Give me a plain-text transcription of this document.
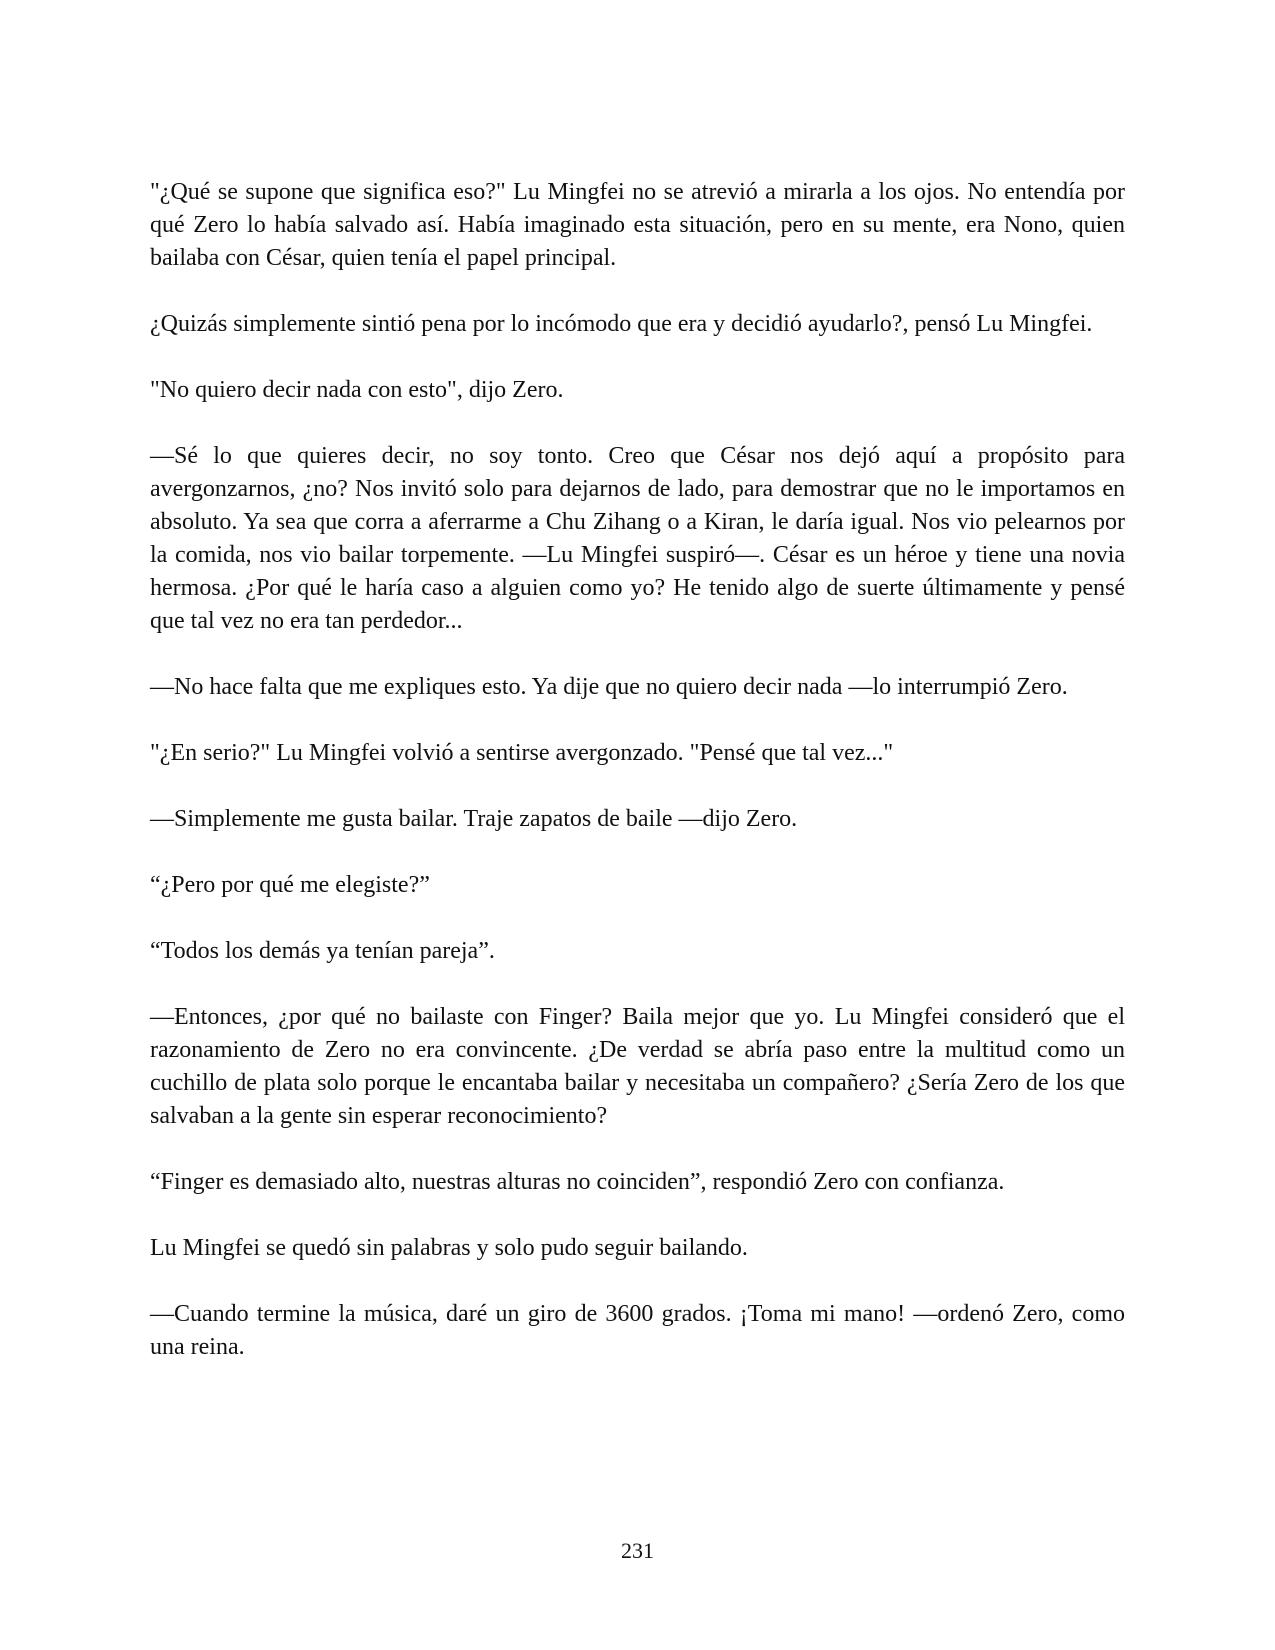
"¿Qué se supone que significa eso?" Lu Mingfei no se atrevió a mirarla a los ojos. No entendía por qué Zero lo había salvado así. Había imaginado esta situación, pero en su mente, era Nono, quien bailaba con César, quien tenía el papel principal.

¿Quizás simplemente sintió pena por lo incómodo que era y decidió ayudarlo?, pensó Lu Mingfei.

"No quiero decir nada con esto", dijo Zero.

—Sé lo que quieres decir, no soy tonto. Creo que César nos dejó aquí a propósito para avergonzarnos, ¿no? Nos invitó solo para dejarnos de lado, para demostrar que no le importamos en absoluto. Ya sea que corra a aferrarme a Chu Zihang o a Kiran, le daría igual. Nos vio pelearnos por la comida, nos vio bailar torpemente. —Lu Mingfei suspiró—. César es un héroe y tiene una novia hermosa. ¿Por qué le haría caso a alguien como yo? He tenido algo de suerte últimamente y pensé que tal vez no era tan perdedor...

—No hace falta que me expliques esto. Ya dije que no quiero decir nada —lo interrumpió Zero.

"¿En serio?" Lu Mingfei volvió a sentirse avergonzado. "Pensé que tal vez..."

—Simplemente me gusta bailar. Traje zapatos de baile —dijo Zero.

“¿Pero por qué me elegiste?”

“Todos los demás ya tenían pareja”.

—Entonces, ¿por qué no bailaste con Finger? Baila mejor que yo. Lu Mingfei consideró que el razonamiento de Zero no era convincente. ¿De verdad se abría paso entre la multitud como un cuchillo de plata solo porque le encantaba bailar y necesitaba un compañero? ¿Sería Zero de los que salvaban a la gente sin esperar reconocimiento?

“Finger es demasiado alto, nuestras alturas no coinciden”, respondió Zero con confianza.

Lu Mingfei se quedó sin palabras y solo pudo seguir bailando.

—Cuando termine la música, daré un giro de 3600 grados. ¡Toma mi mano! —ordenó Zero, como una reina.

231
